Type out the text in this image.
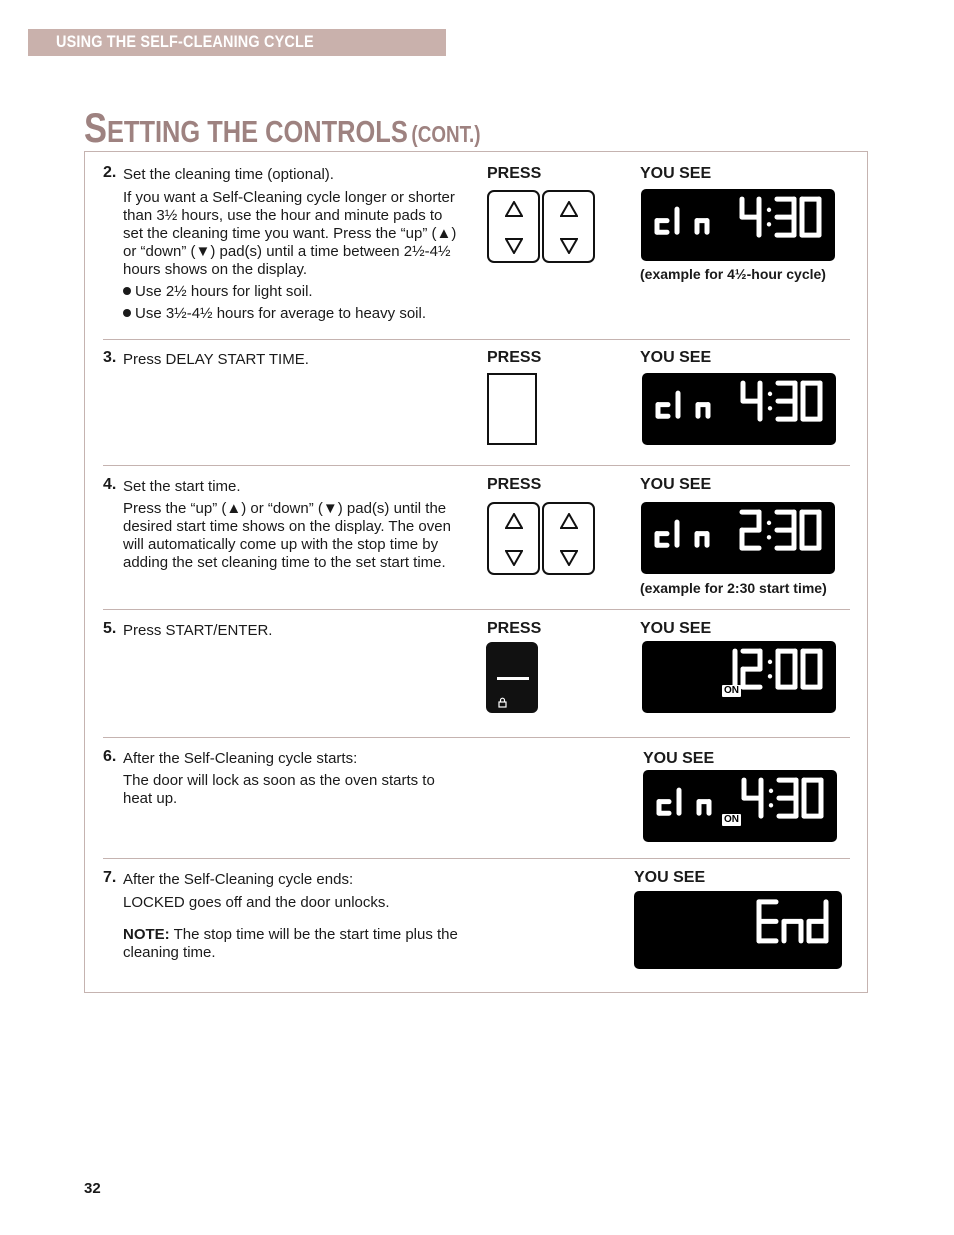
USING THE SELF-CLEANING CYCLE
SETTING THE CONTROLS (CONT.)
2. Set the cleaning time (optional).
If you want a Self-Cleaning cycle longer or shorter than 3½ hours, use the hour and minute pads to set the cleaning time you want. Press the “up” (▲) or “down” (▼) pad(s) until a time between 2½-4½ hours shows on the display.
Use 2½ hours for light soil.
Use 3½-4½ hours for average to heavy soil.
PRESS	YOU SEE
(example for 4½-hour cycle)
3. Press DELAY START TIME.	PRESS	YOU SEE
4. Set the start time.
Press the “up” (▲) or “down” (▼) pad(s) until the desired start time shows on the display. The oven will automatically come up with the stop time by adding the set cleaning time to the set start time.
PRESS	YOU SEE
(example for 2:30 start time)
5. Press START/ENTER.	PRESS	YOU SEE
ON
6. After the Self-Cleaning cycle starts:
The door will lock as soon as the oven starts to heat up.
YOU SEE
ON
7. After the Self-Cleaning cycle ends:
LOCKED goes off and the door unlocks.
NOTE: The stop time will be the start time plus the cleaning time.
YOU SEE
32
